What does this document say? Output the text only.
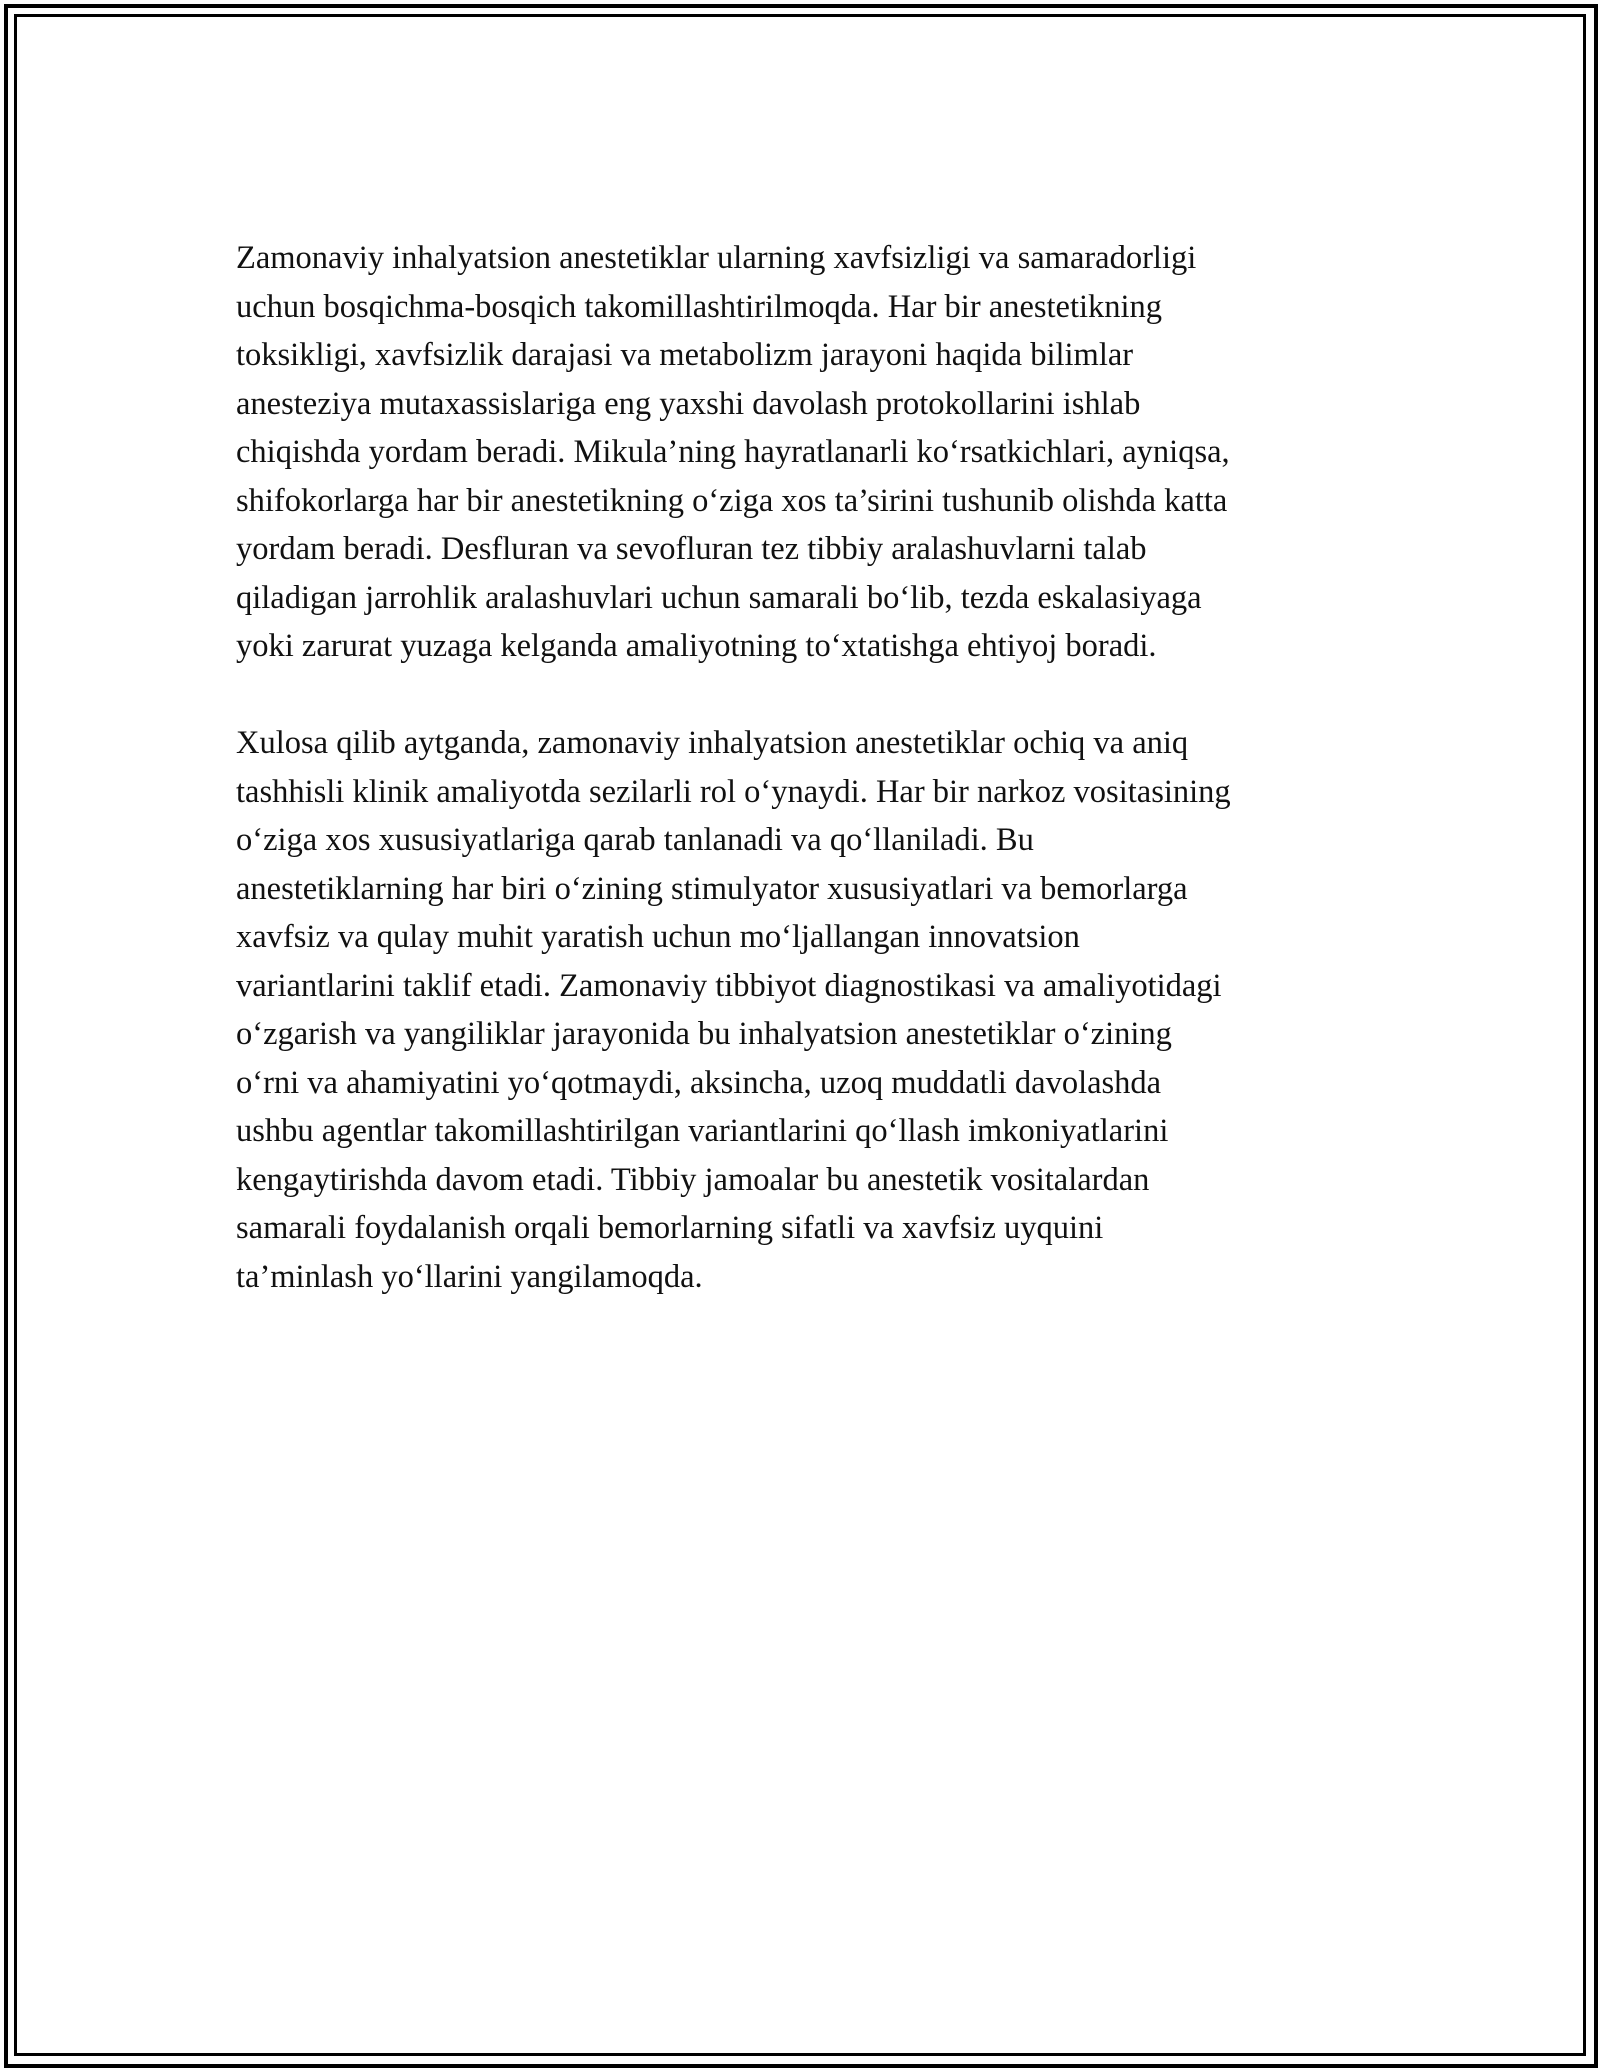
Zamonaviy inhalyatsion anestetiklar ularning xavfsizligi va samaradorligi
uchun bosqichma-bosqich takomillashtirilmoqda. Har bir anestetikning
toksikligi, xavfsizlik darajasi va metabolizm jarayoni haqida bilimlar
anesteziya mutaxassislariga eng yaxshi davolash protokollarini ishlab
chiqishda yordam beradi. Mikula’ning hayratlanarli ko‘rsatkichlari, ayniqsa,
shifokorlarga har bir anestetikning o‘ziga xos ta’sirini tushunib olishda katta
yordam beradi. Desfluran va sevofluran tez tibbiy aralashuvlarni talab
qiladigan jarrohlik aralashuvlari uchun samarali bo‘lib, tezda eskalasiyaga
yoki zarurat yuzaga kelganda amaliyotning to‘xtatishga ehtiyoj boradi.

Xulosa qilib aytganda, zamonaviy inhalyatsion anestetiklar ochiq va aniq
tashhisli klinik amaliyotda sezilarli rol o‘ynaydi. Har bir narkoz vositasining
o‘ziga xos xususiyatlariga qarab tanlanadi va qo‘llaniladi. Bu
anestetiklarning har biri o‘zining stimulyator xususiyatlari va bemorlarga
xavfsiz va qulay muhit yaratish uchun mo‘ljallangan innovatsion
variantlarini taklif etadi. Zamonaviy tibbiyot diagnostikasi va amaliyotidagi
o‘zgarish va yangiliklar jarayonida bu inhalyatsion anestetiklar o‘zining
o‘rni va ahamiyatini yo‘qotmaydi, aksincha, uzoq muddatli davolashda
ushbu agentlar takomillashtirilgan variantlarini qo‘llash imkoniyatlarini
kengaytirishda davom etadi. Tibbiy jamoalar bu anestetik vositalardan
samarali foydalanish orqali bemorlarning sifatli va xavfsiz uyquini
ta’minlash yo‘llarini yangilamoqda.
